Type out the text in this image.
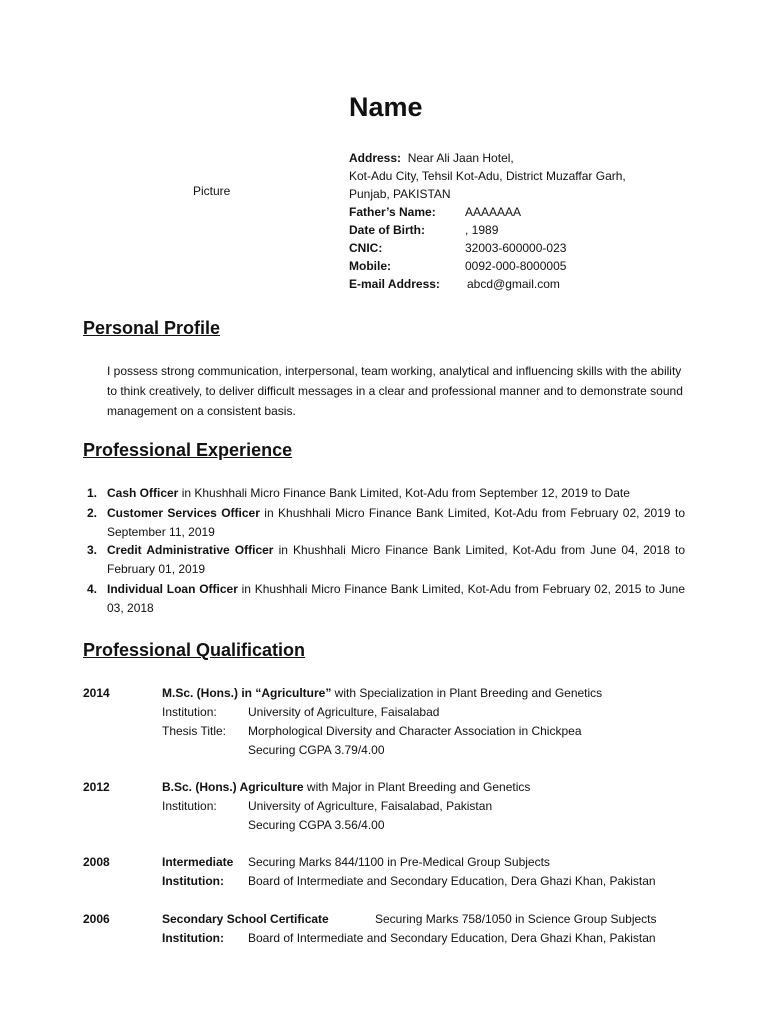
Name
Picture
Address: Near Ali Jaan Hotel,
Kot-Adu City, Tehsil Kot-Adu, District Muzaffar Garh,
Punjab, PAKISTAN
Father’s Name: AAAAAAA
Date of Birth:	, 1989
CNIC:	32003-600000-023
Mobile:	0092-000-8000005
E-mail Address: abcd@gmail.com
Personal Profile
I possess strong communication, interpersonal, team working, analytical and influencing skills with the ability to think creatively, to deliver difficult messages in a clear and professional manner and to demonstrate sound management on a consistent basis.
Professional Experience
1. Cash Officer in Khushhali Micro Finance Bank Limited, Kot-Adu from September 12, 2019 to Date
2. Customer Services Officer in Khushhali Micro Finance Bank Limited, Kot-Adu from February 02, 2019 to September 11, 2019
3. Credit Administrative Officer in Khushhali Micro Finance Bank Limited, Kot-Adu from June 04, 2018 to February 01, 2019
4. Individual Loan Officer in Khushhali Micro Finance Bank Limited, Kot-Adu from February 02, 2015 to June 03, 2018
Professional Qualification
2014	M.Sc. (Hons.) in “Agriculture” with Specialization in Plant Breeding and Genetics
Institution:	University of Agriculture, Faisalabad
Thesis Title: Morphological Diversity and Character Association in Chickpea
Securing CGPA 3.79/4.00
2012	B.Sc. (Hons.) Agriculture with Major in Plant Breeding and Genetics
Institution:	University of Agriculture, Faisalabad, Pakistan
Securing CGPA 3.56/4.00
2008	Intermediate Securing Marks 844/1100 in Pre-Medical Group Subjects
Institution: Board of Intermediate and Secondary Education, Dera Ghazi Khan, Pakistan
2006	Secondary School Certificate	Securing Marks 758/1050 in Science Group Subjects
Institution: Board of Intermediate and Secondary Education, Dera Ghazi Khan, Pakistan
